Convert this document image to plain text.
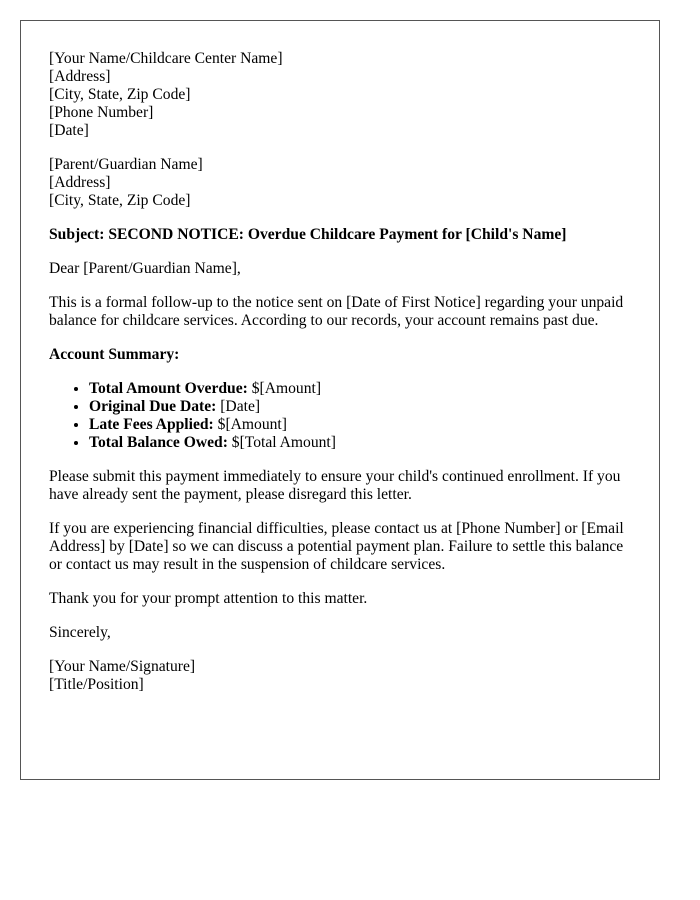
[Your Name/Childcare Center Name]
[Address]
[City, State, Zip Code]
[Phone Number]
[Date]
[Parent/Guardian Name]
[Address]
[City, State, Zip Code]

Subject: SECOND NOTICE: Overdue Childcare Payment for [Child's Name]

Dear [Parent/Guardian Name],

This is a formal follow-up to the notice sent on [Date of First Notice] regarding your unpaid balance for childcare services. According to our records, your account remains past due.

Account Summary:

• Total Amount Overdue: $[Amount]
• Original Due Date: [Date]
• Late Fees Applied: $[Amount]
• Total Balance Owed: $[Total Amount]

Please submit this payment immediately to ensure your child's continued enrollment. If you have already sent the payment, please disregard this letter.

If you are experiencing financial difficulties, please contact us at [Phone Number] or [Email Address] by [Date] so we can discuss a potential payment plan. Failure to settle this balance or contact us may result in the suspension of childcare services.

Thank you for your prompt attention to this matter.

Sincerely,

[Your Name/Signature]
[Title/Position]
